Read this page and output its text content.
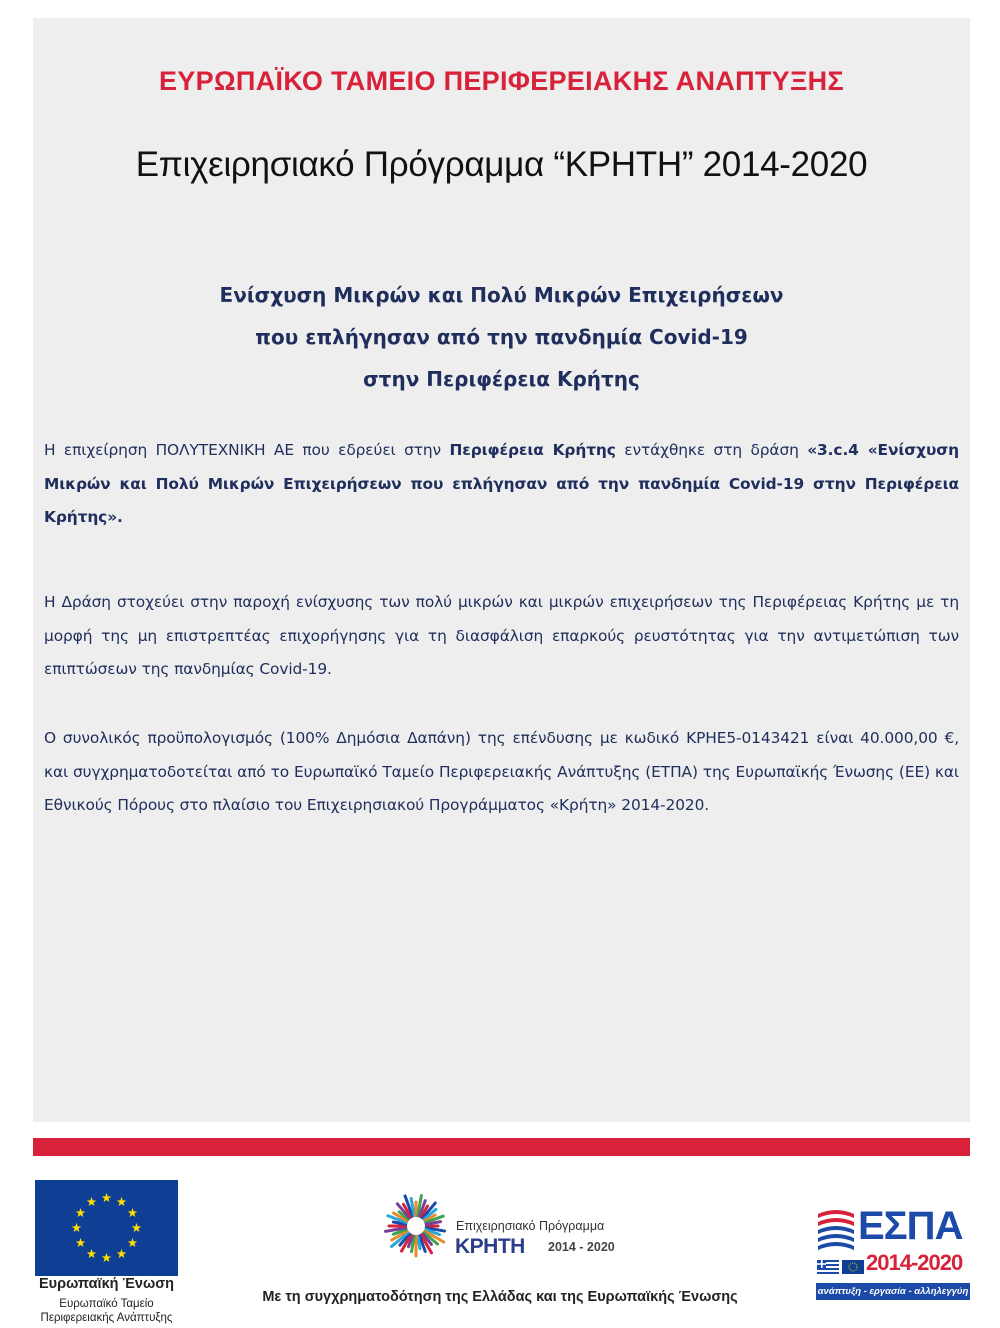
ΕΥΡΩΠΑΪΚΟ ΤΑΜΕΙΟ ΠΕΡΙΦΕΡΕΙΑΚΗΣ ΑΝΑΠΤΥΞΗΣ
Επιχειρησιακό Πρόγραμμα “ΚΡΗΤΗ” 2014-2020
Ενίσχυση Μικρών και Πολύ Μικρών Επιχειρήσεων
που επλήγησαν από την πανδημία Covid-19
στην Περιφέρεια Κρήτης
Η επιχείρηση ΠΟΛΥΤΕΧΝΙΚΗ ΑΕ που εδρεύει στην Περιφέρεια Κρήτης εντάχθηκε στη δράση «3.c.4 «Ενίσχυση Μικρών και Πολύ Μικρών Επιχειρήσεων που επλήγησαν από την πανδημία Covid-19 στην Περιφέρεια Κρήτης».
Η Δράση στοχεύει στην παροχή ενίσχυσης των πολύ μικρών και μικρών επιχειρήσεων της Περιφέρειας Κρήτης με τη μορφή της μη επιστρεπτέας επιχορήγησης για τη διασφάλιση επαρκούς ρευστότητας για την αντιμετώπιση των επιπτώσεων της πανδημίας Covid-19.
Ο συνολικός προϋπολογισμός (100% Δημόσια Δαπάνη) της επένδυσης με κωδικό ΚΡΗΕ5-0143421 είναι 40.000,00 €, και συγχρηματοδοτείται από το Ευρωπαϊκό Ταμείο Περιφερειακής Ανάπτυξης (ΕΤΠΑ) της Ευρωπαϊκής Ένωσης (ΕΕ) και Εθνικούς Πόρους στο πλαίσιο του Επιχειρησιακού Προγράμματος «Κρήτη» 2014-2020.
Ευρωπαϊκή Ένωση
Ευρωπαϊκό Ταμείο
Περιφερειακής Ανάπτυξης
Επιχειρησιακό Πρόγραμμα
ΚΡΗΤΗ 2014 - 2020
Με τη συγχρηματοδότηση της Ελλάδας και της Ευρωπαϊκής Ένωσης
ΕΣΠΑ
2014-2020
ανάπτυξη - εργασία - αλληλεγγύη
